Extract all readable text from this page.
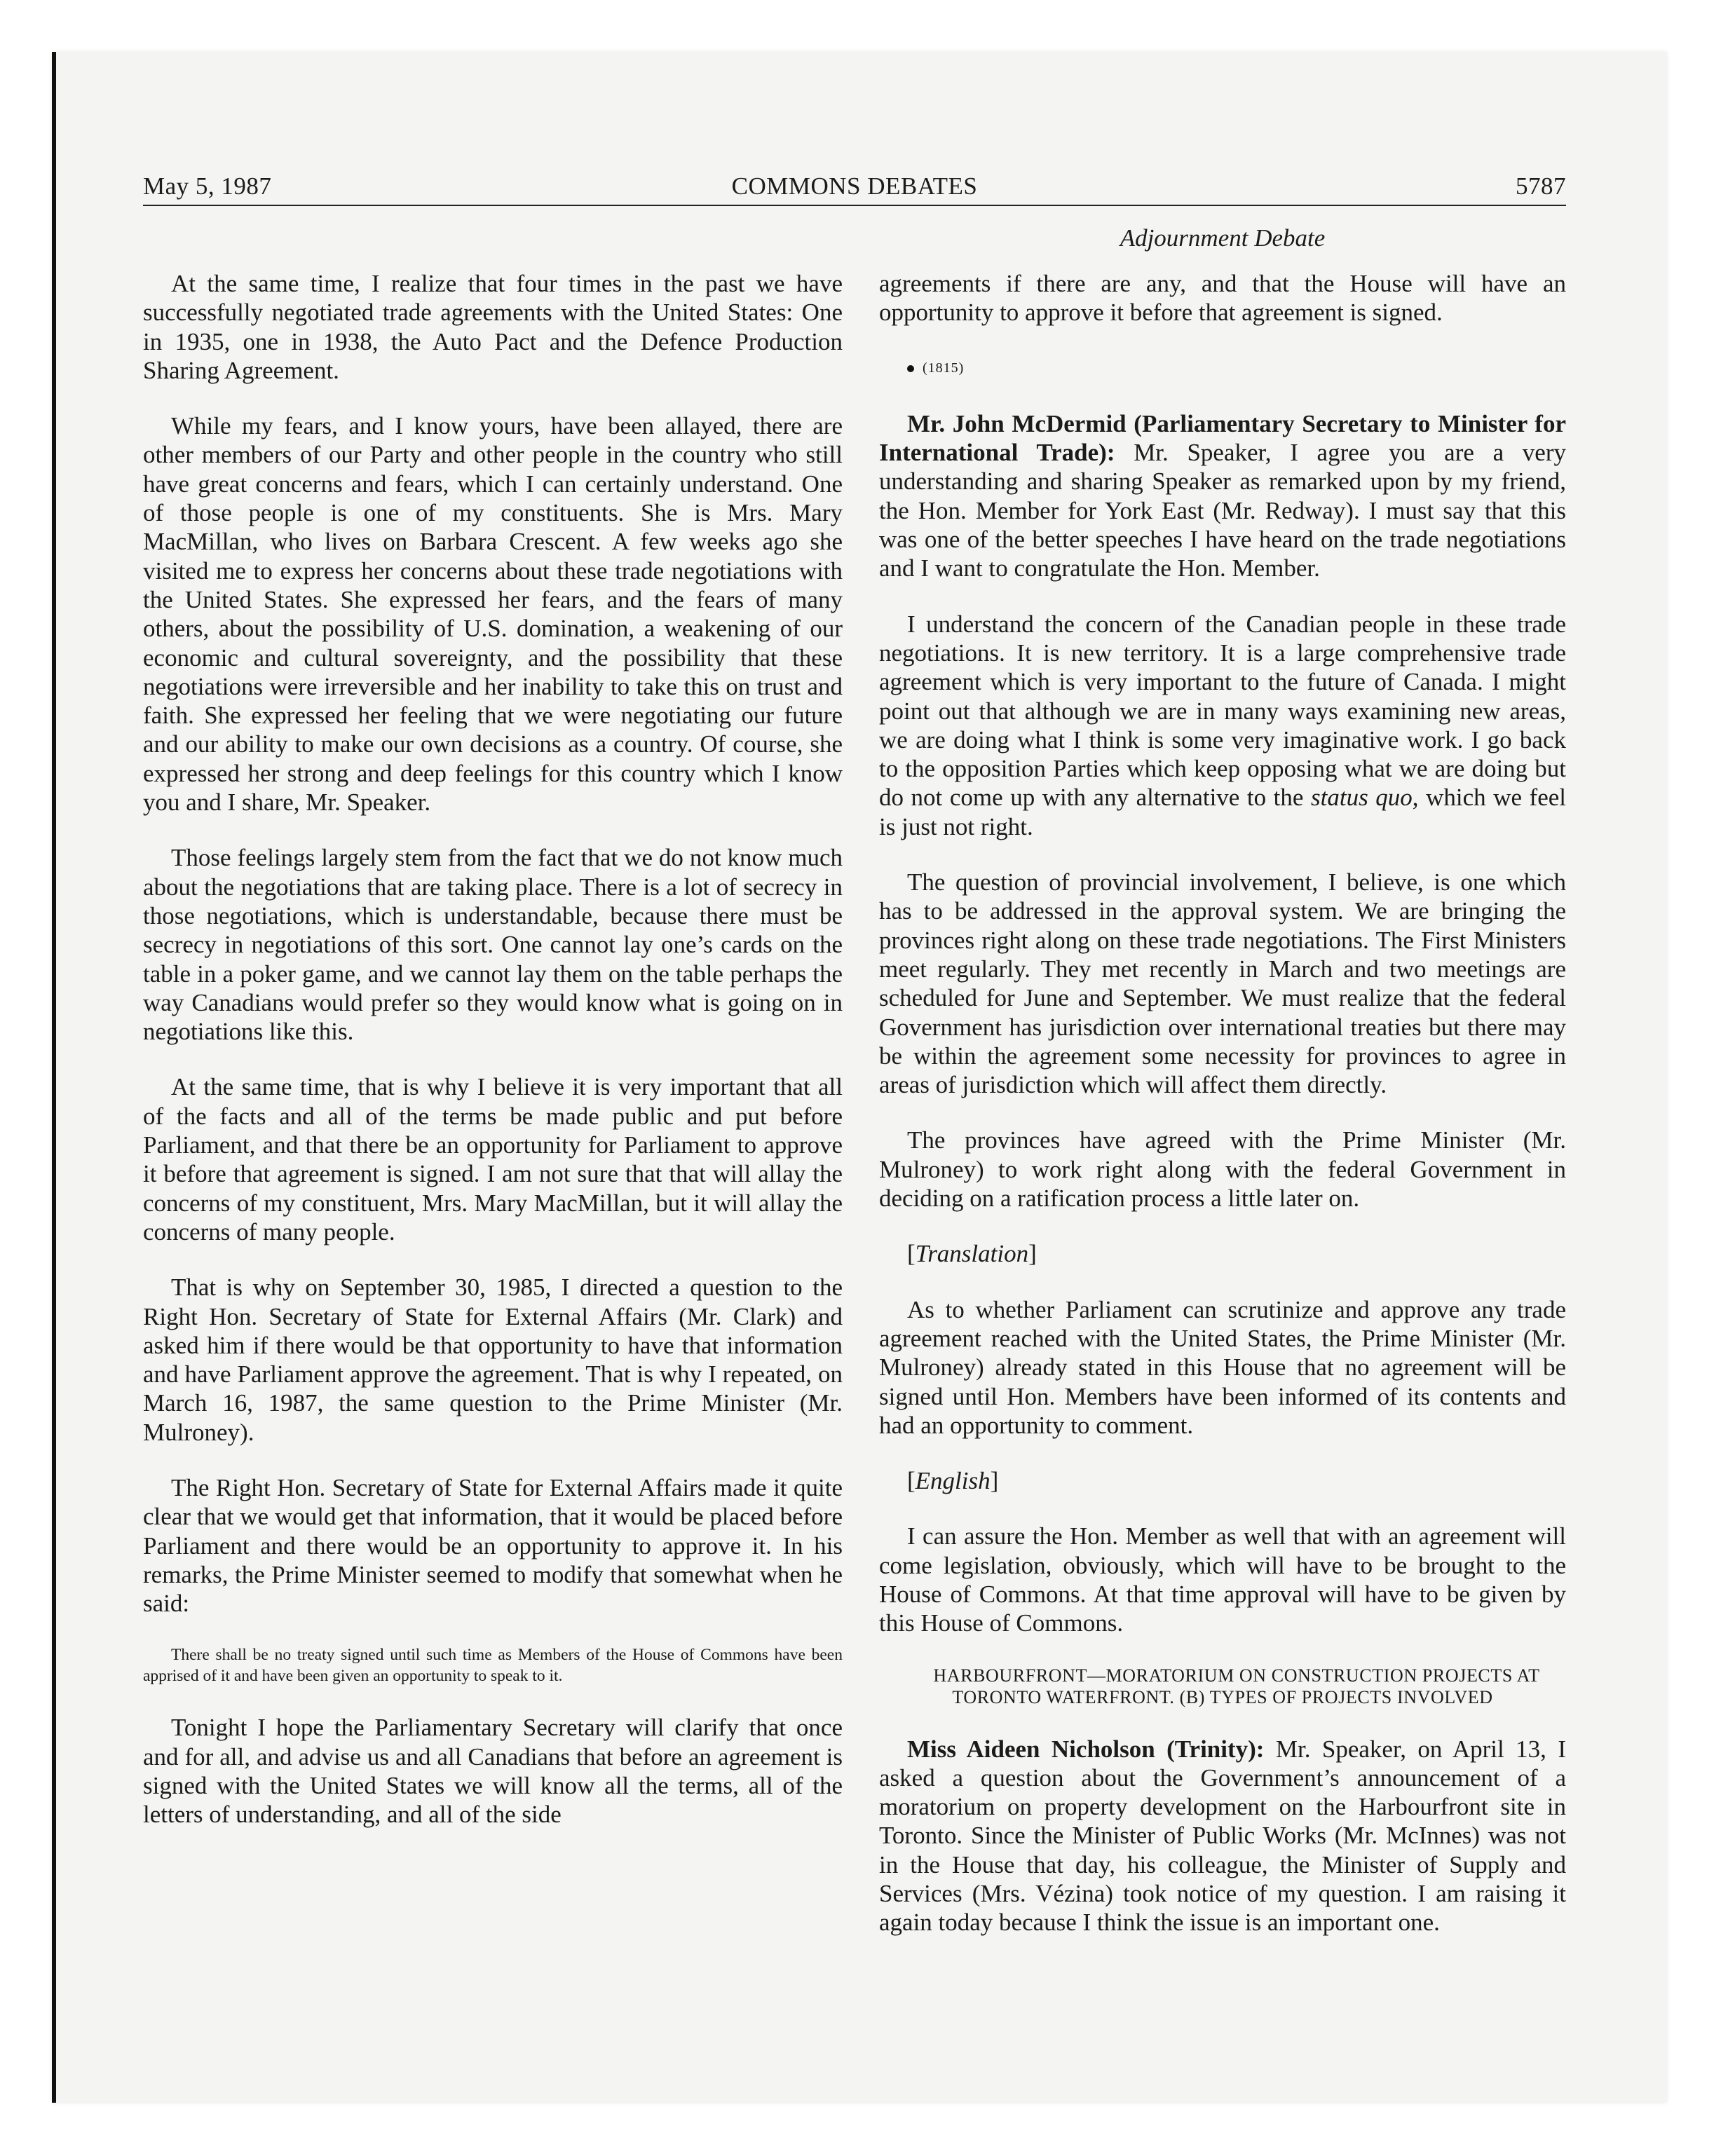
May 5, 1987	COMMONS DEBATES	5787
Adjournment Debate

At the same time, I realize that four times in the past we have successfully negotiated trade agreements with the United States: One in 1935, one in 1938, the Auto Pact and the Defence Production Sharing Agreement.

While my fears, and I know yours, have been allayed, there are other members of our Party and other people in the country who still have great concerns and fears, which I can certainly understand. One of those people is one of my constituents. She is Mrs. Mary MacMillan, who lives on Barbara Crescent. A few weeks ago she visited me to express her concerns about these trade negotiations with the United States. She expressed her fears, and the fears of many others, about the possibility of U.S. domination, a weakening of our economic and cultural sovereignty, and the possibility that these negotiations were irreversible and her inability to take this on trust and faith. She expressed her feeling that we were negotiating our future and our ability to make our own decisions as a country. Of course, she expressed her strong and deep feelings for this country which I know you and I share, Mr. Speaker.

Those feelings largely stem from the fact that we do not know much about the negotiations that are taking place. There is a lot of secrecy in those negotiations, which is understandable, because there must be secrecy in negotiations of this sort. One cannot lay one’s cards on the table in a poker game, and we cannot lay them on the table perhaps the way Canadians would prefer so they would know what is going on in negotiations like this.

At the same time, that is why I believe it is very important that all of the facts and all of the terms be made public and put before Parliament, and that there be an opportunity for Parliament to approve it before that agreement is signed. I am not sure that that will allay the concerns of my constituent, Mrs. Mary MacMillan, but it will allay the concerns of many people.

That is why on September 30, 1985, I directed a question to the Right Hon. Secretary of State for External Affairs (Mr. Clark) and asked him if there would be that opportunity to have that information and have Parliament approve the agreement. That is why I repeated, on March 16, 1987, the same question to the Prime Minister (Mr. Mulroney).

The Right Hon. Secretary of State for External Affairs made it quite clear that we would get that information, that it would be placed before Parliament and there would be an opportunity to approve it. In his remarks, the Prime Minister seemed to modify that somewhat when he said:

There shall be no treaty signed until such time as Members of the House of Commons have been apprised of it and have been given an opportunity to speak to it.

Tonight I hope the Parliamentary Secretary will clarify that once and for all, and advise us and all Canadians that before an agreement is signed with the United States we will know all the terms, all of the letters of understanding, and all of the side

agreements if there are any, and that the House will have an opportunity to approve it before that agreement is signed.

(1815)

Mr. John McDermid (Parliamentary Secretary to Minister for International Trade): Mr. Speaker, I agree you are a very understanding and sharing Speaker as remarked upon by my friend, the Hon. Member for York East (Mr. Redway). I must say that this was one of the better speeches I have heard on the trade negotiations and I want to congratulate the Hon. Member.

I understand the concern of the Canadian people in these trade negotiations. It is new territory. It is a large comprehensive trade agreement which is very important to the future of Canada. I might point out that although we are in many ways examining new areas, we are doing what I think is some very imaginative work. I go back to the opposition Parties which keep opposing what we are doing but do not come up with any alternative to the status quo, which we feel is just not right.

The question of provincial involvement, I believe, is one which has to be addressed in the approval system. We are bringing the provinces right along on these trade negotiations. The First Ministers meet regularly. They met recently in March and two meetings are scheduled for June and September. We must realize that the federal Government has jurisdiction over international treaties but there may be within the agreement some necessity for provinces to agree in areas of jurisdiction which will affect them directly.

The provinces have agreed with the Prime Minister (Mr. Mulroney) to work right along with the federal Government in deciding on a ratification process a little later on.

[Translation]

As to whether Parliament can scrutinize and approve any trade agreement reached with the United States, the Prime Minister (Mr. Mulroney) already stated in this House that no agreement will be signed until Hon. Members have been informed of its contents and had an opportunity to comment.

[English]

I can assure the Hon. Member as well that with an agreement will come legislation, obviously, which will have to be brought to the House of Commons. At that time approval will have to be given by this House of Commons.

HARBOURFRONT—MORATORIUM ON CONSTRUCTION PROJECTS AT TORONTO WATERFRONT. (B) TYPES OF PROJECTS INVOLVED

Miss Aideen Nicholson (Trinity): Mr. Speaker, on April 13, I asked a question about the Government’s announcement of a moratorium on property development on the Harbourfront site in Toronto. Since the Minister of Public Works (Mr. McInnes) was not in the House that day, his colleague, the Minister of Supply and Services (Mrs. Vézina) took notice of my question. I am raising it again today because I think the issue is an important one.
